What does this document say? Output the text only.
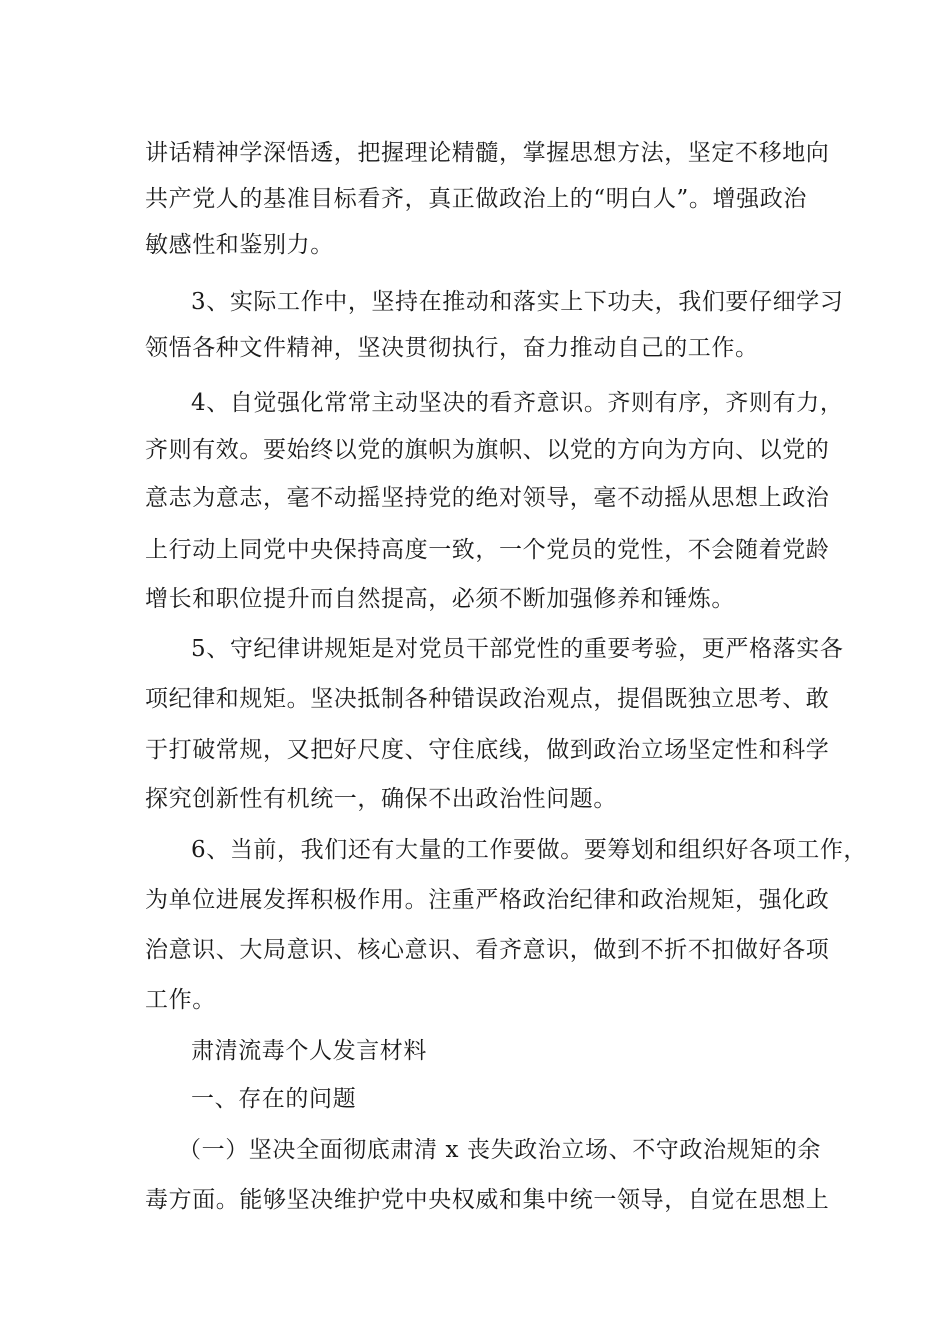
讲话精神学深悟透，把握理论精髓，掌握思想方法，坚定不移地向
共产党人的基准目标看齐，真正做政治上的“明白人”。增强政治
敏感性和鉴别力。
3、实际工作中，坚持在推动和落实上下功夫，我们要仔细学习
领悟各种文件精神，坚决贯彻执行，奋力推动自己的工作。
4、自觉强化常常主动坚决的看齐意识。齐则有序，齐则有力，
齐则有效。要始终以党的旗帜为旗帜、以党的方向为方向、以党的
意志为意志，毫不动摇坚持党的绝对领导，毫不动摇从思想上政治
上行动上同党中央保持高度一致，一个党员的党性，不会随着党龄
增长和职位提升而自然提高，必须不断加强修养和锤炼。
5、守纪律讲规矩是对党员干部党性的重要考验，更严格落实各
项纪律和规矩。坚决抵制各种错误政治观点，提倡既独立思考、敢
于打破常规，又把好尺度、守住底线，做到政治立场坚定性和科学
探究创新性有机统一，确保不出政治性问题。
6、当前，我们还有大量的工作要做。要筹划和组织好各项工作，
为单位进展发挥积极作用。注重严格政治纪律和政治规矩，强化政
治意识、大局意识、核心意识、看齐意识，做到不折不扣做好各项
工作。
肃清流毒个人发言材料
一、存在的问题
（一）坚决全面彻底肃清 x 丧失政治立场、不守政治规矩的余
毒方面。能够坚决维护党中央权威和集中统一领导，自觉在思想上
